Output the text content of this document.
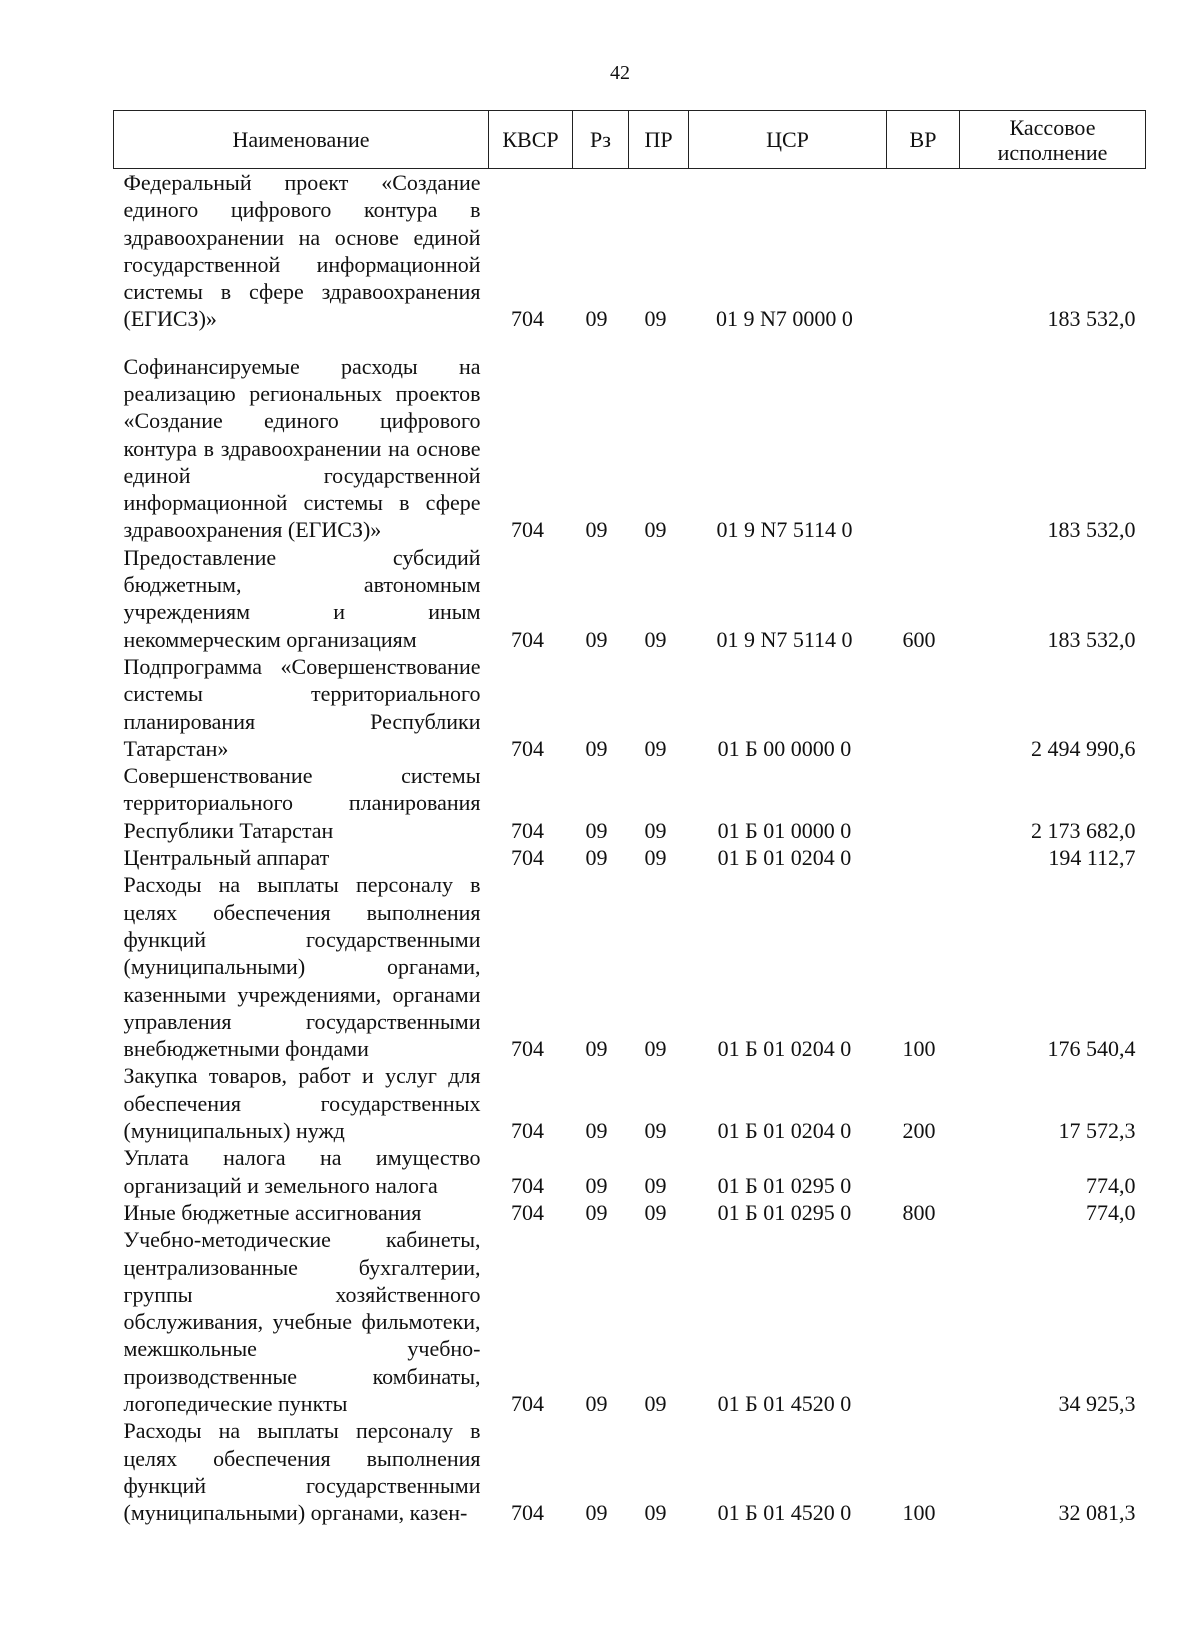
42
Наименование	КВСР	Рз	ПР	ЦСР	ВР	Кассовое исполнение
Федеральный проект «Создание единого цифрового контура в здравоохранении на основе единой государственной информационной системы в сфере здравоохранения (ЕГИСЗ)»	704	09	09	01 9 N7 0000 0		183 532,0
Софинансируемые расходы на реализацию региональных проектов «Создание единого цифрового контура в здравоохранении на основе единой государственной информационной системы в сфере здравоохранения (ЕГИСЗ)»	704	09	09	01 9 N7 5114 0		183 532,0
Предоставление субсидий бюджетным, автономным учреждениям и иным некоммерческим организациям	704	09	09	01 9 N7 5114 0	600	183 532,0
Подпрограмма «Совершенствование системы территориального планирования Республики Татарстан»	704	09	09	01 Б 00 0000 0		2 494 990,6
Совершенствование системы территориального планирования Республики Татарстан	704	09	09	01 Б 01 0000 0		2 173 682,0
Центральный аппарат	704	09	09	01 Б 01 0204 0		194 112,7
Расходы на выплаты персоналу в целях обеспечения выполнения функций государственными (муниципальными) органами, казенными учреждениями, органами управления государственными внебюджетными фондами	704	09	09	01 Б 01 0204 0	100	176 540,4
Закупка товаров, работ и услуг для обеспечения государственных (муниципальных) нужд	704	09	09	01 Б 01 0204 0	200	17 572,3
Уплата налога на имущество организаций и земельного налога	704	09	09	01 Б 01 0295 0		774,0
Иные бюджетные ассигнования	704	09	09	01 Б 01 0295 0	800	774,0
Учебно-методические кабинеты, централизованные бухгалтерии, группы хозяйственного обслуживания, учебные фильмотеки, межшкольные учебно-производственные комбинаты, логопедические пункты	704	09	09	01 Б 01 4520 0		34 925,3
Расходы на выплаты персоналу в целях обеспечения выполнения функций государственными (муниципальными) органами, казен-	704	09	09	01 Б 01 4520 0	100	32 081,3
